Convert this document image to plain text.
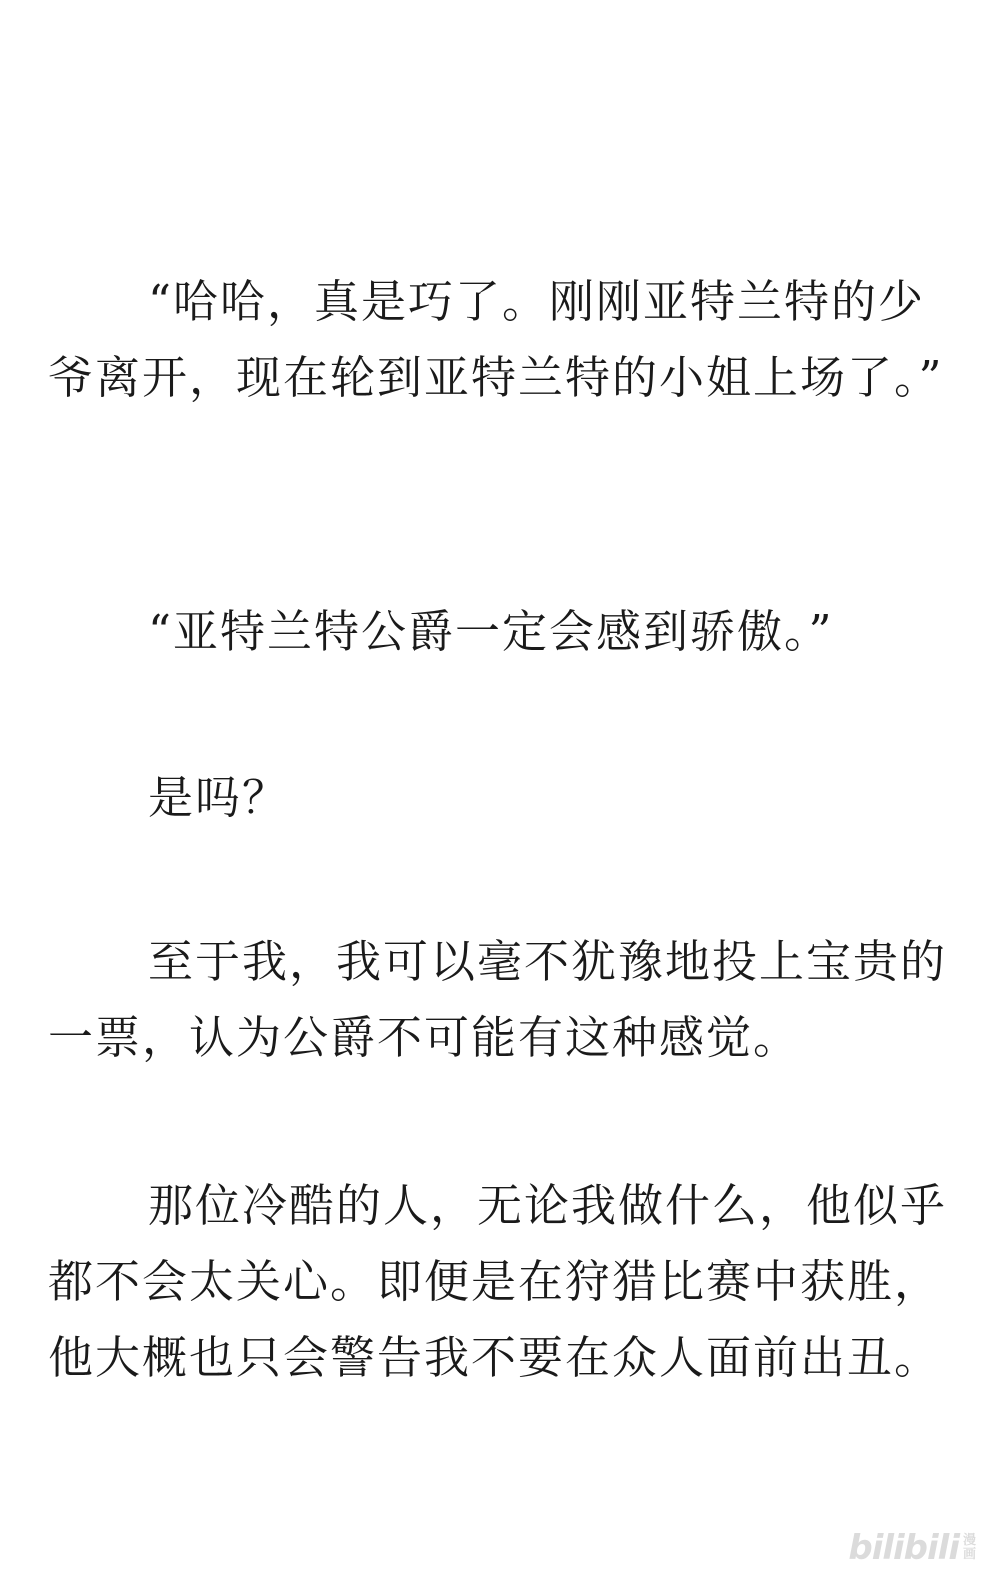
“哈哈，真是巧了。刚刚亚特兰特的少爷离开，现在轮到亚特兰特的小姐上场了。”

“亚特兰特公爵一定会感到骄傲。”

是吗？

至于我，我可以毫不犹豫地投上宝贵的一票，认为公爵不可能有这种感觉。

那位冷酷的人，无论我做什么，他似乎都不会太关心。即便是在狩猎比赛中获胜，他大概也只会警告我不要在众人面前出丑。

bilibili 漫
画
